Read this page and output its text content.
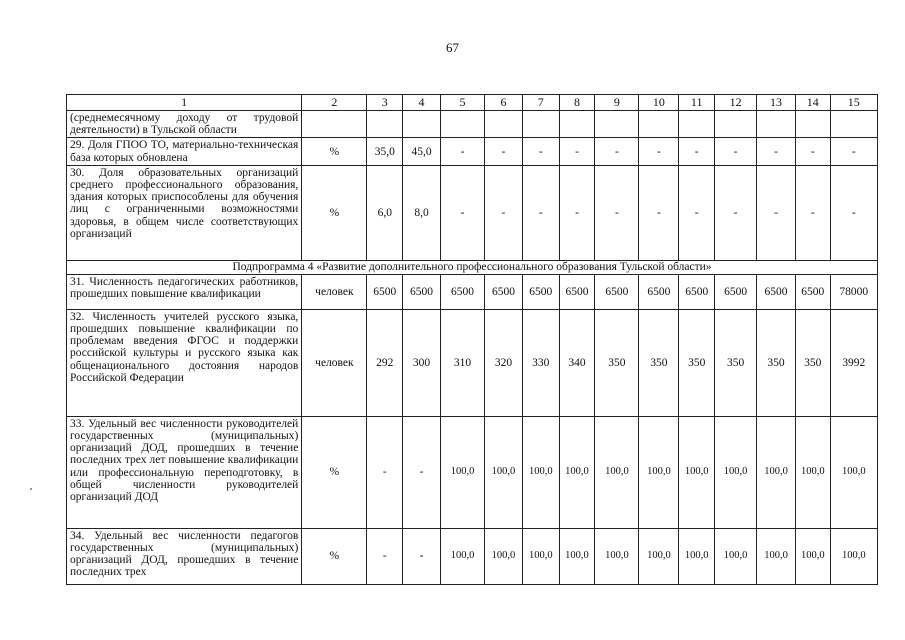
67
1	2	3	4	5	6	7	8	9	10	11	12	13	14	15
(среднемесячному доходу от трудовой деятельности) в Тульской области														
29. Доля ГПОО ТО, материально-техническая база которых обновлена	%	35,0	45,0	-	-	-	-	-	-	-	-	-	-	-
30. Доля образовательных организаций среднего профессионального образования, здания которых приспособлены для обучения лиц с ограниченными возможностями здоровья, в общем числе соответствующих организаций	%	6,0	8,0	-	-	-	-	-	-	-	-	-	-	-
Подпрограмма 4 «Развитие дополнительного профессионального образования Тульской области»														
31. Численность педагогических работников, прошедших повышение квалификации	человек	6500	6500	6500	6500	6500	6500	6500	6500	6500	6500	6500	6500	78000
32. Численность учителей русского языка, прошедших повышение квалификации по проблемам введения ФГОС и поддержки российской культуры и русского языка как общенационального достояния народов Российской Федерации	человек	292	300	310	320	330	340	350	350	350	350	350	350	3992
33. Удельный вес численности руководителей государственных (муниципальных) организаций ДОД, прошедших в течение последних трех лет повышение квалификации или профессиональную переподготовку, в общей численности руководителей организаций ДОД	%	-	-	100,0	100,0	100,0	100,0	100,0	100,0	100,0	100,0	100,0	100,0	100,0
34. Удельный вес численности педагогов государственных (муниципальных) организаций ДОД, прошедших в течение последних трех	%	-	-	100,0	100,0	100,0	100,0	100,0	100,0	100,0	100,0	100,0	100,0	100,0
